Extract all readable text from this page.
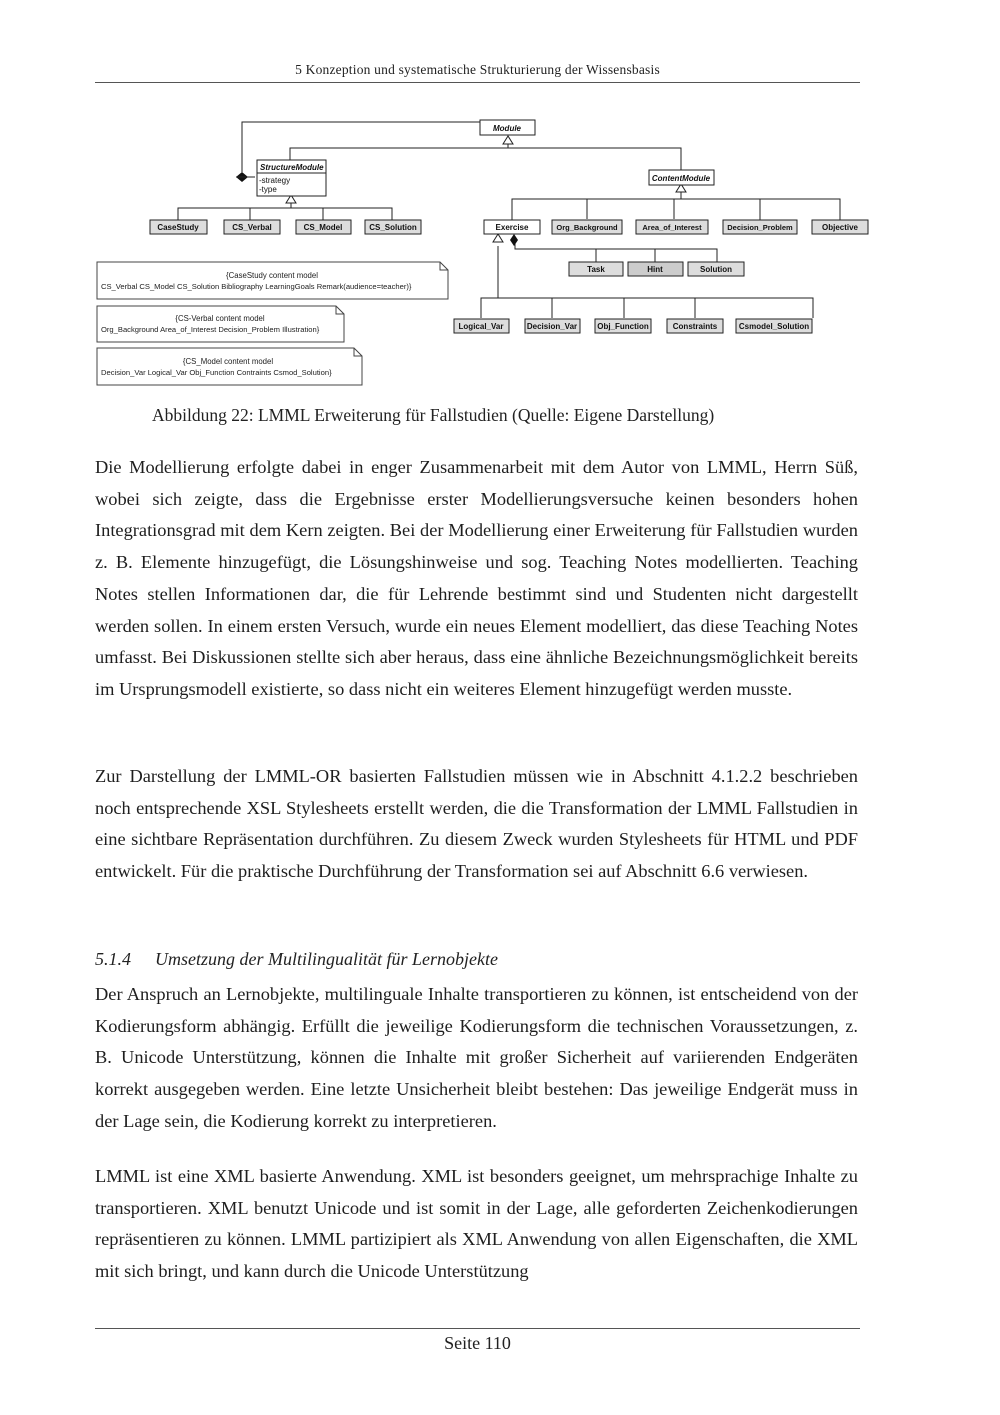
5 Konzeption und systematische Strukturierung der Wissensbasis
Module
StructureModule
ContentModule
CaseStudy	CS_Verbal	CS_Model	CS_Solution	Exercise	Org_Background	Area_of_Interest	Decision_Problem	Objective
Task	Hint	Solution
Logical_Var	Decision_Var	Obj_Function	Constraints	Csmodel_Solution
-strategy
-type
{CaseStudy content model
CS_Verbal CS_Model CS_Solution Bibliography LearningGoals Remark(audience=teacher)}
{CS-Verbal content model
Org_Background Area_of_Interest Decision_Problem Illustration}
{CS_Model content model
Decision_Var Logical_Var Obj_Function Contraints Csmod_Solution}
Abbildung 22: LMML Erweiterung für Fallstudien (Quelle: Eigene Darstellung)

Die Modellierung erfolgte dabei in enger Zusammenarbeit mit dem Autor von LMML, Herrn Süß, wobei sich zeigte, dass die Ergebnisse erster Modellierungsversuche keinen besonders hohen Integrationsgrad mit dem Kern zeigten. Bei der Modellierung einer Erweiterung für Fallstudien wurden z. B. Elemente hinzugefügt, die Lösungshinweise und sog. Teaching Notes modellierten. Teaching Notes stellen Informationen dar, die für Lehrende bestimmt sind und Studenten nicht dargestellt werden sollen. In einem ersten Versuch, wurde ein neues Element modelliert, das diese Teaching Notes umfasst. Bei Diskussionen stellte sich aber heraus, dass eine ähnliche Bezeichnungsmöglichkeit bereits im Ursprungsmodell existierte, so dass nicht ein weiteres Element hinzugefügt werden musste.

Zur Darstellung der LMML-OR basierten Fallstudien müssen wie in Abschnitt 4.1.2.2 beschrieben noch entsprechende XSL Stylesheets erstellt werden, die die Transformation der LMML Fallstudien in eine sichtbare Repräsentation durchführen. Zu diesem Zweck wurden Stylesheets für HTML und PDF entwickelt. Für die praktische Durchführung der Transformation sei auf Abschnitt 6.6 verwiesen.

5.1.4 Umsetzung der Multilingualität für Lernobjekte

Der Anspruch an Lernobjekte, multilinguale Inhalte transportieren zu können, ist entscheidend von der Kodierungsform abhängig. Erfüllt die jeweilige Kodierungsform die technischen Voraussetzungen, z. B. Unicode Unterstützung, können die Inhalte mit großer Sicherheit auf variierenden Endgeräten korrekt ausgegeben werden. Eine letzte Unsicherheit bleibt bestehen: Das jeweilige Endgerät muss in der Lage sein, die Kodierung korrekt zu interpretieren.

LMML ist eine XML basierte Anwendung. XML ist besonders geeignet, um mehrsprachige Inhalte zu transportieren. XML benutzt Unicode und ist somit in der Lage, alle geforderten Zeichenkodierungen repräsentieren zu können. LMML partizipiert als XML Anwendung von allen Eigenschaften, die XML mit sich bringt, und kann durch die Unicode Unterstützung

Seite 110
